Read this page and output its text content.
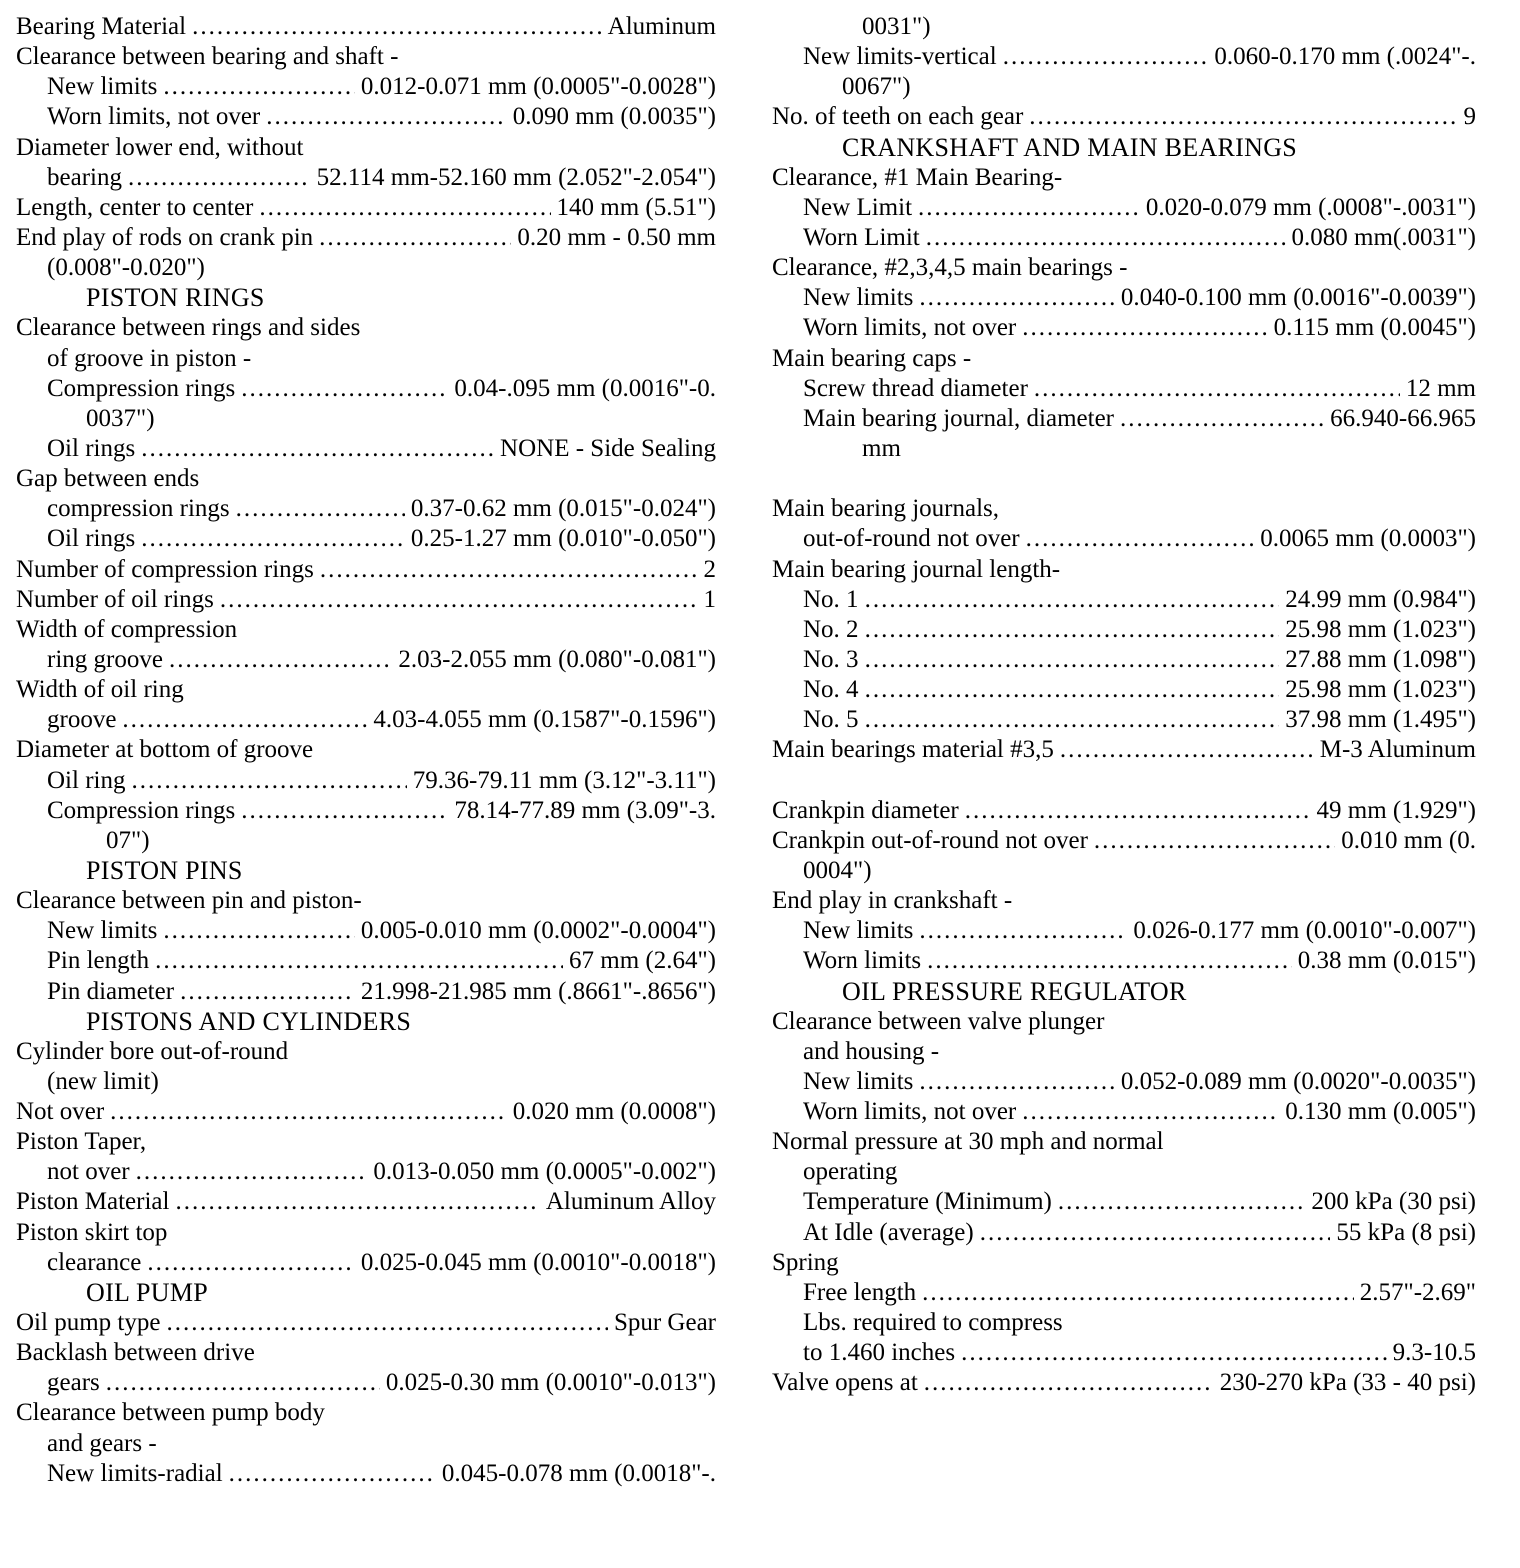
Bearing Material .....	Aluminum
Clearance between bearing and shaft -
New limits .....	0.012-0.071 mm (0.0005"-0.0028")
Worn limits, not over .....	0.090 mm (0.0035")
Diameter lower end, without
bearing .....	52.114 mm-52.160 mm (2.052"-2.054")
Length, center to center .....	140 mm (5.51")
End play of rods on crank pin .....	0.20 mm - 0.50 mm
(0.008"-0.020")
PISTON RINGS
Clearance between rings and sides
of groove in piston -
Compression rings .....	0.04-.095 mm (0.0016"-0.
0037")
Oil rings .....	NONE - Side Sealing
Gap between ends
compression rings .....	0.37-0.62 mm (0.015"-0.024")
Oil rings .....	0.25-1.27 mm (0.010"-0.050")
Number of compression rings .....	2
Number of oil rings .....	1
Width of compression
ring groove .....	2.03-2.055 mm (0.080"-0.081")
Width of oil ring
groove .....	4.03-4.055 mm (0.1587"-0.1596")
Diameter at bottom of groove
Oil ring .....	79.36-79.11 mm (3.12"-3.11")
Compression rings .....	78.14-77.89 mm (3.09"-3.
07")
PISTON PINS
Clearance between pin and piston-
New limits .....	0.005-0.010 mm (0.0002"-0.0004")
Pin length .....	67 mm (2.64")
Pin diameter .....	21.998-21.985 mm (.8661"-.8656")
PISTONS AND CYLINDERS
Cylinder bore out-of-round
(new limit)
Not over .....	0.020 mm (0.0008")
Piston Taper,
not over .....	0.013-0.050 mm (0.0005"-0.002")
Piston Material .....	Aluminum Alloy
Piston skirt top
clearance .....	0.025-0.045 mm (0.0010"-0.0018")
OIL PUMP
Oil pump type .....	Spur Gear
Backlash between drive
gears .....	0.025-0.30 mm (0.0010"-0.013")
Clearance between pump body
and gears -
New limits-radial .....	0.045-0.078 mm (0.0018"-.
0031")
New limits-vertical .....	0.060-0.170 mm (.0024"-.
0067")
No. of teeth on each gear .....	9
CRANKSHAFT AND MAIN BEARINGS
Clearance, #1 Main Bearing-
New Limit .....	0.020-0.079 mm (.0008"-.0031")
Worn Limit .....	0.080 mm(.0031")
Clearance, #2,3,4,5 main bearings -
New limits .....	0.040-0.100 mm (0.0016"-0.0039")
Worn limits, not over .....	0.115 mm (0.0045")
Main bearing caps -
Screw thread diameter .....	12 mm
Main bearing journal, diameter .....	66.940-66.965
mm
Main bearing journals,
out-of-round not over .....	0.0065 mm (0.0003")
Main bearing journal length-
No. 1 .....	24.99 mm (0.984")
No. 2 .....	25.98 mm (1.023")
No. 3 .....	27.88 mm (1.098")
No. 4 .....	25.98 mm (1.023")
No. 5 .....	37.98 mm (1.495")
Main bearings material #3,5 .....	M-3 Aluminum
Crankpin diameter .....	49 mm (1.929")
Crankpin out-of-round not over .....	0.010 mm (0.
0004")
End play in crankshaft -
New limits .....	0.026-0.177 mm (0.0010"-0.007")
Worn limits .....	0.38 mm (0.015")
OIL PRESSURE REGULATOR
Clearance between valve plunger
and housing -
New limits .....	0.052-0.089 mm (0.0020"-0.0035")
Worn limits, not over .....	0.130 mm (0.005")
Normal pressure at 30 mph and normal
operating
Temperature (Minimum) .....	200 kPa (30 psi)
At Idle (average) .....	55 kPa (8 psi)
Spring
Free length .....	2.57"-2.69"
Lbs. required to compress
to 1.460 inches .....	9.3-10.5
Valve opens at .....	230-270 kPa (33 - 40 psi)
